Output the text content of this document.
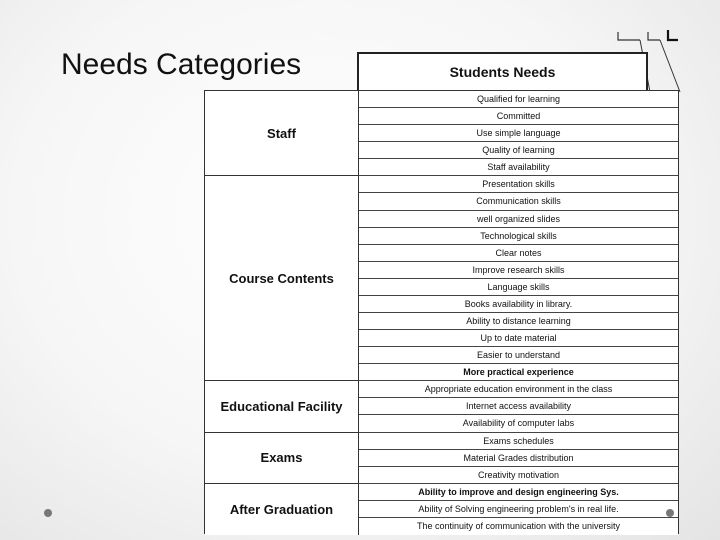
Needs Categories	Students Needs
Qualified for learning
Committed
Use simple language
Quality of learning
Staff availability
Presentation skills
Communication skills
well organized slides
Technological skills
Clear notes
Improve research skills
Language skills
Books availability in library.
Ability to distance learning
Up to date material
Easier to understand
More practical experience
Appropriate education environment in the class
Internet access availability
Availability of computer labs
Exams schedules
Material Grades distribution
Creativity motivation
Ability to improve and design engineering Sys.
Ability of Solving engineering problem's in real life.
The continuity of communication with the university
Staff
Course Contents
Educational Facility
Exams
After Graduation
